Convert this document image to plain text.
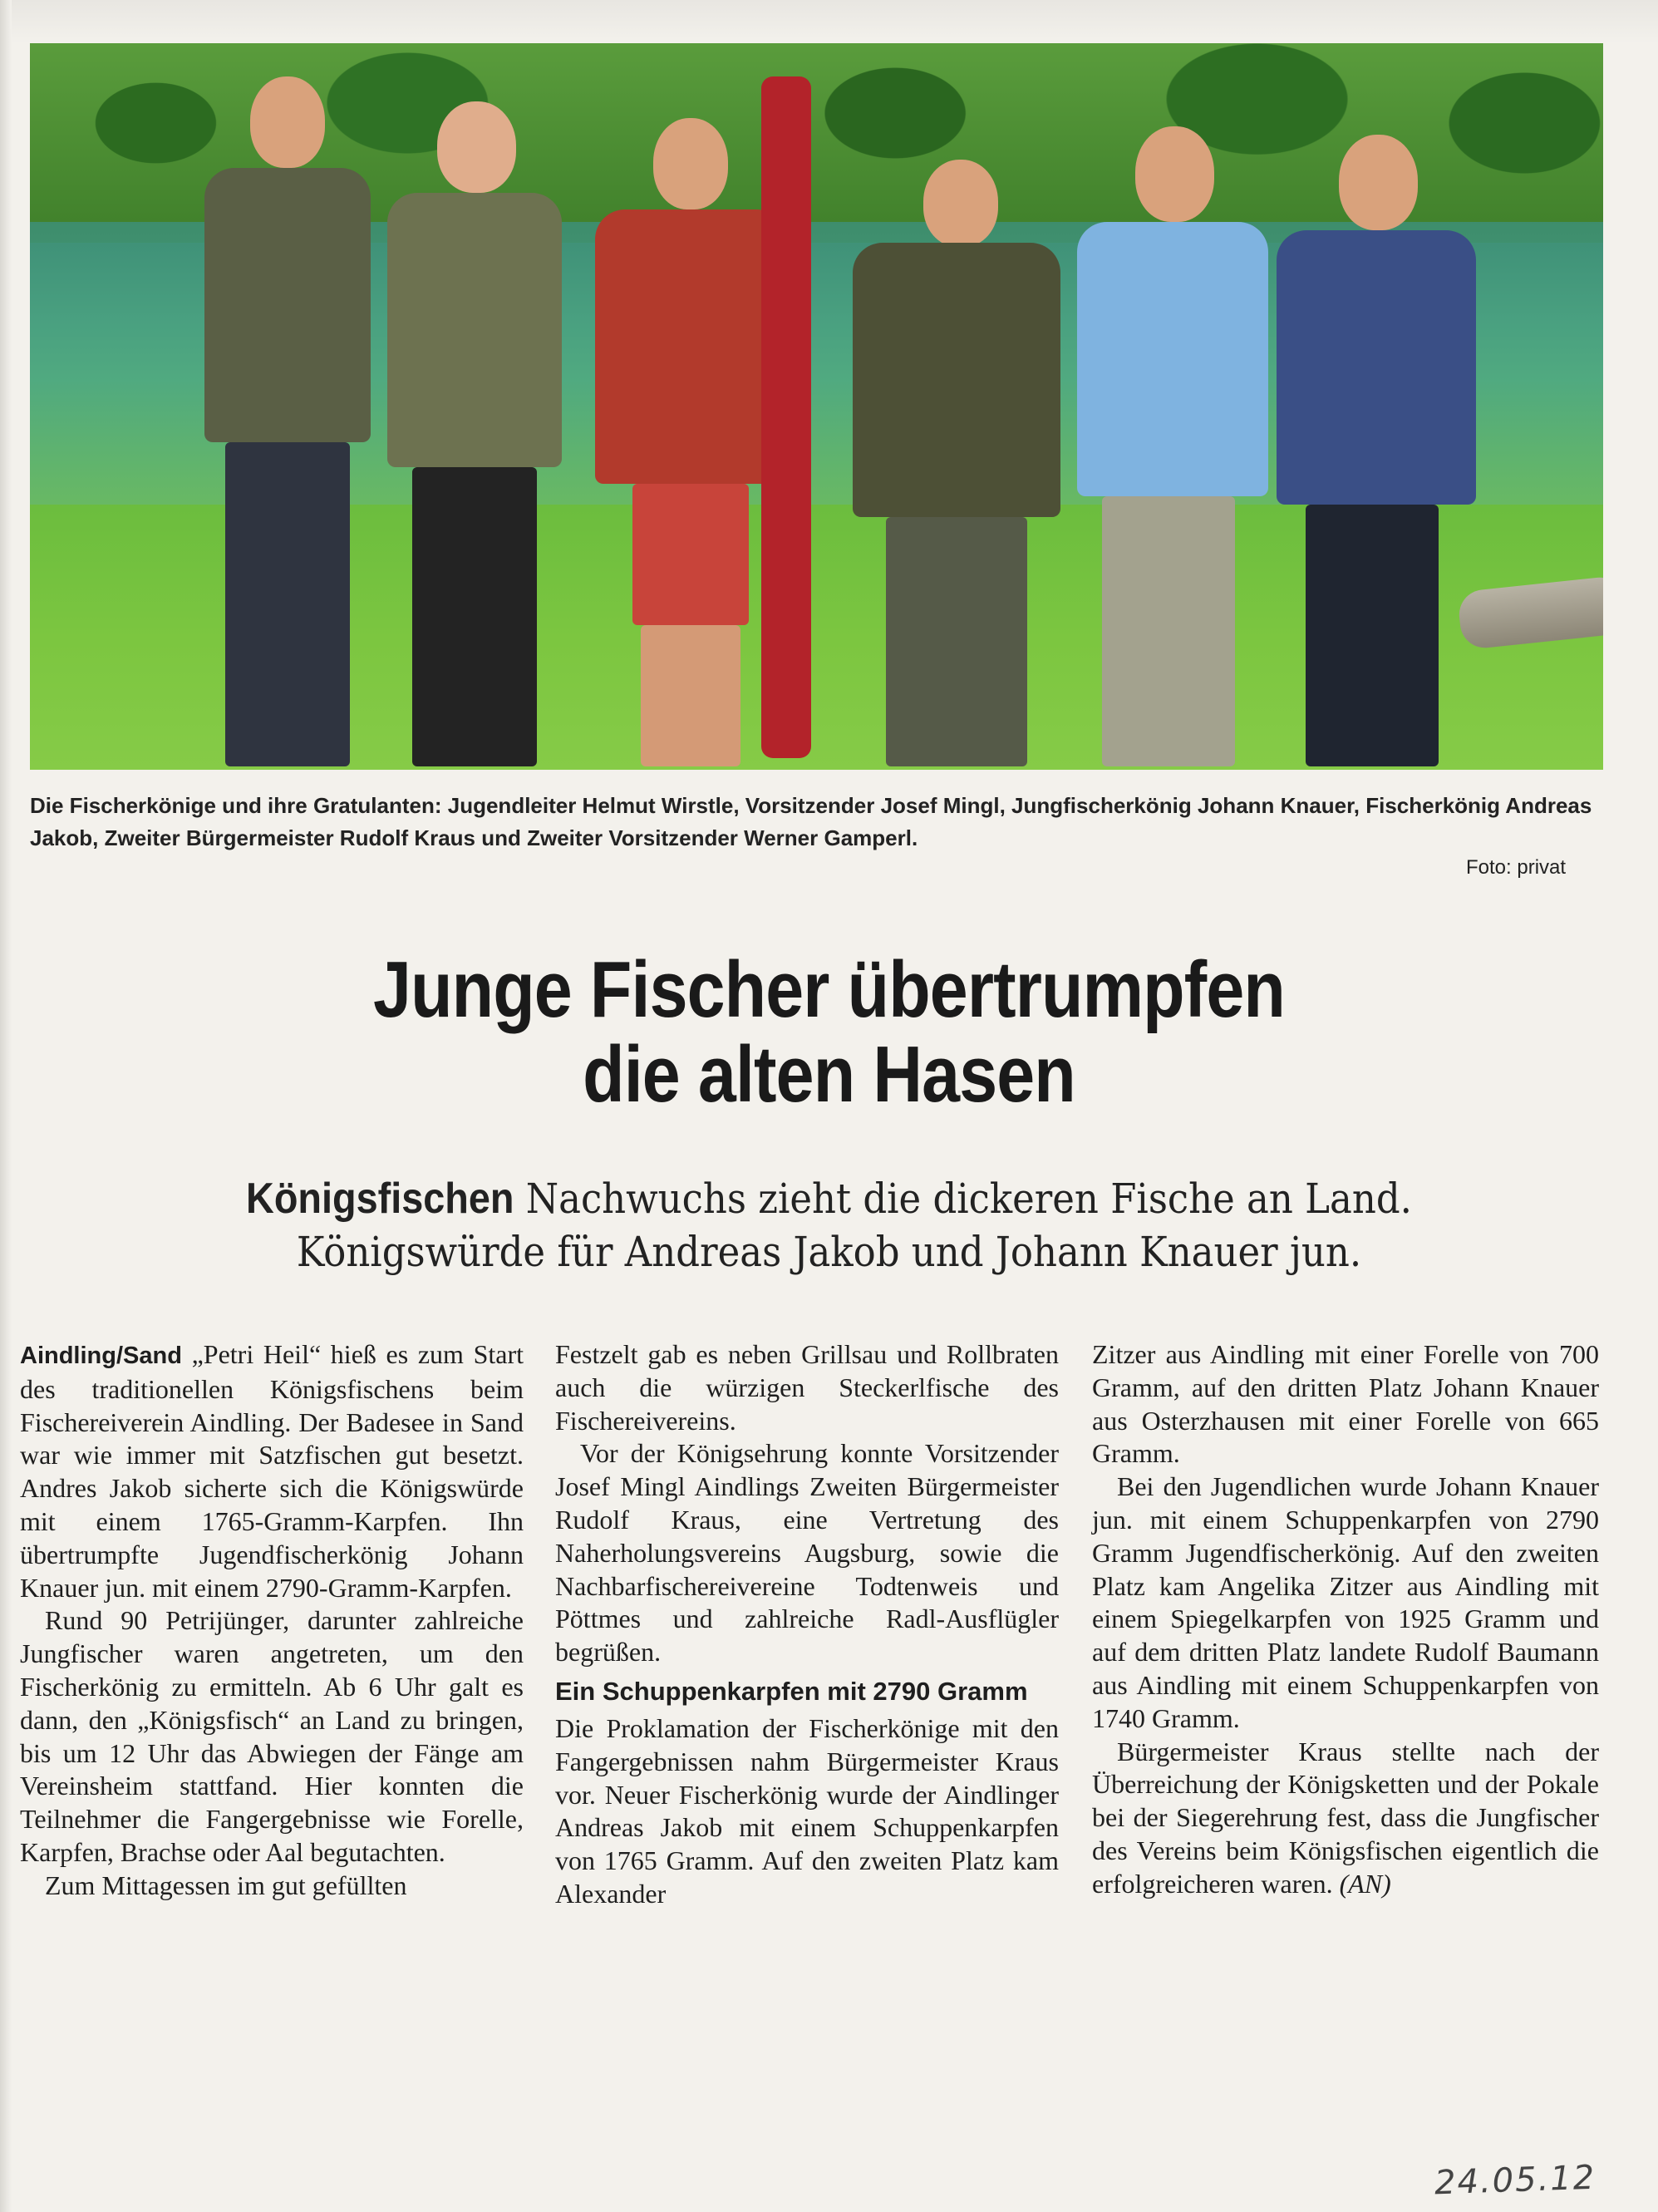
Die Fischerkönige und ihre Gratulanten: Jugendleiter Helmut Wirstle, Vorsitzender Josef Mingl, Jungfischerkönig Johann Knauer, Fischerkönig Andreas Jakob, Zweiter Bürgermeister Rudolf Kraus und Zweiter Vorsitzender Werner Gamperl.
Foto: privat
Junge Fischer übertrumpfen
die alten Hasen
Königsfischen Nachwuchs zieht die dickeren Fische an Land.
Königswürde für Andreas Jakob und Johann Knauer jun.

Aindling/Sand „Petri Heil“ hieß es zum Start des traditionellen Königsfischens beim Fischereiverein Aindling. Der Badesee in Sand war wie immer mit Satzfischen gut besetzt. Andres Jakob sicherte sich die Königswürde mit einem 1765-Gramm-Karpfen. Ihn übertrumpfte Jugendfischerkönig Johann Knauer jun. mit einem 2790-Gramm-Karpfen.

Rund 90 Petrijünger, darunter zahlreiche Jungfischer waren angetreten, um den Fischerkönig zu ermitteln. Ab 6 Uhr galt es dann, den „Königsfisch“ an Land zu bringen, bis um 12 Uhr das Abwiegen der Fänge am Vereinsheim stattfand. Hier konnten die Teilnehmer die Fangergebnisse wie Forelle, Karpfen, Brachse oder Aal begutachten.

Zum Mittagessen im gut gefüllten

Festzelt gab es neben Grillsau und Rollbraten auch die würzigen Steckerlfische des Fischereivereins.

Vor der Königsehrung konnte Vorsitzender Josef Mingl Aindlings Zweiten Bürgermeister Rudolf Kraus, eine Vertretung des Naherholungsvereins Augsburg, sowie die Nachbarfischereivereine Todtenweis und Pöttmes und zahlreiche Radl-Ausflügler begrüßen.

Ein Schuppenkarpfen mit 2790 Gramm

Die Proklamation der Fischerkönige mit den Fangergebnissen nahm Bürgermeister Kraus vor. Neuer Fischerkönig wurde der Aindlinger Andreas Jakob mit einem Schuppenkarpfen von 1765 Gramm. Auf den zweiten Platz kam Alexander

Zitzer aus Aindling mit einer Forelle von 700 Gramm, auf den dritten Platz Johann Knauer aus Osterzhausen mit einer Forelle von 665 Gramm.

Bei den Jugendlichen wurde Johann Knauer jun. mit einem Schuppenkarpfen von 2790 Gramm Jugendfischerkönig. Auf den zweiten Platz kam Angelika Zitzer aus Aindling mit einem Spiegelkarpfen von 1925 Gramm und auf dem dritten Platz landete Rudolf Baumann aus Aindling mit einem Schuppenkarpfen von 1740 Gramm.

Bürgermeister Kraus stellte nach der Überreichung der Königsketten und der Pokale bei der Siegerehrung fest, dass die Jungfischer des Vereins beim Königsfischen eigentlich die erfolgreicheren waren. (AN)

24.05.12
